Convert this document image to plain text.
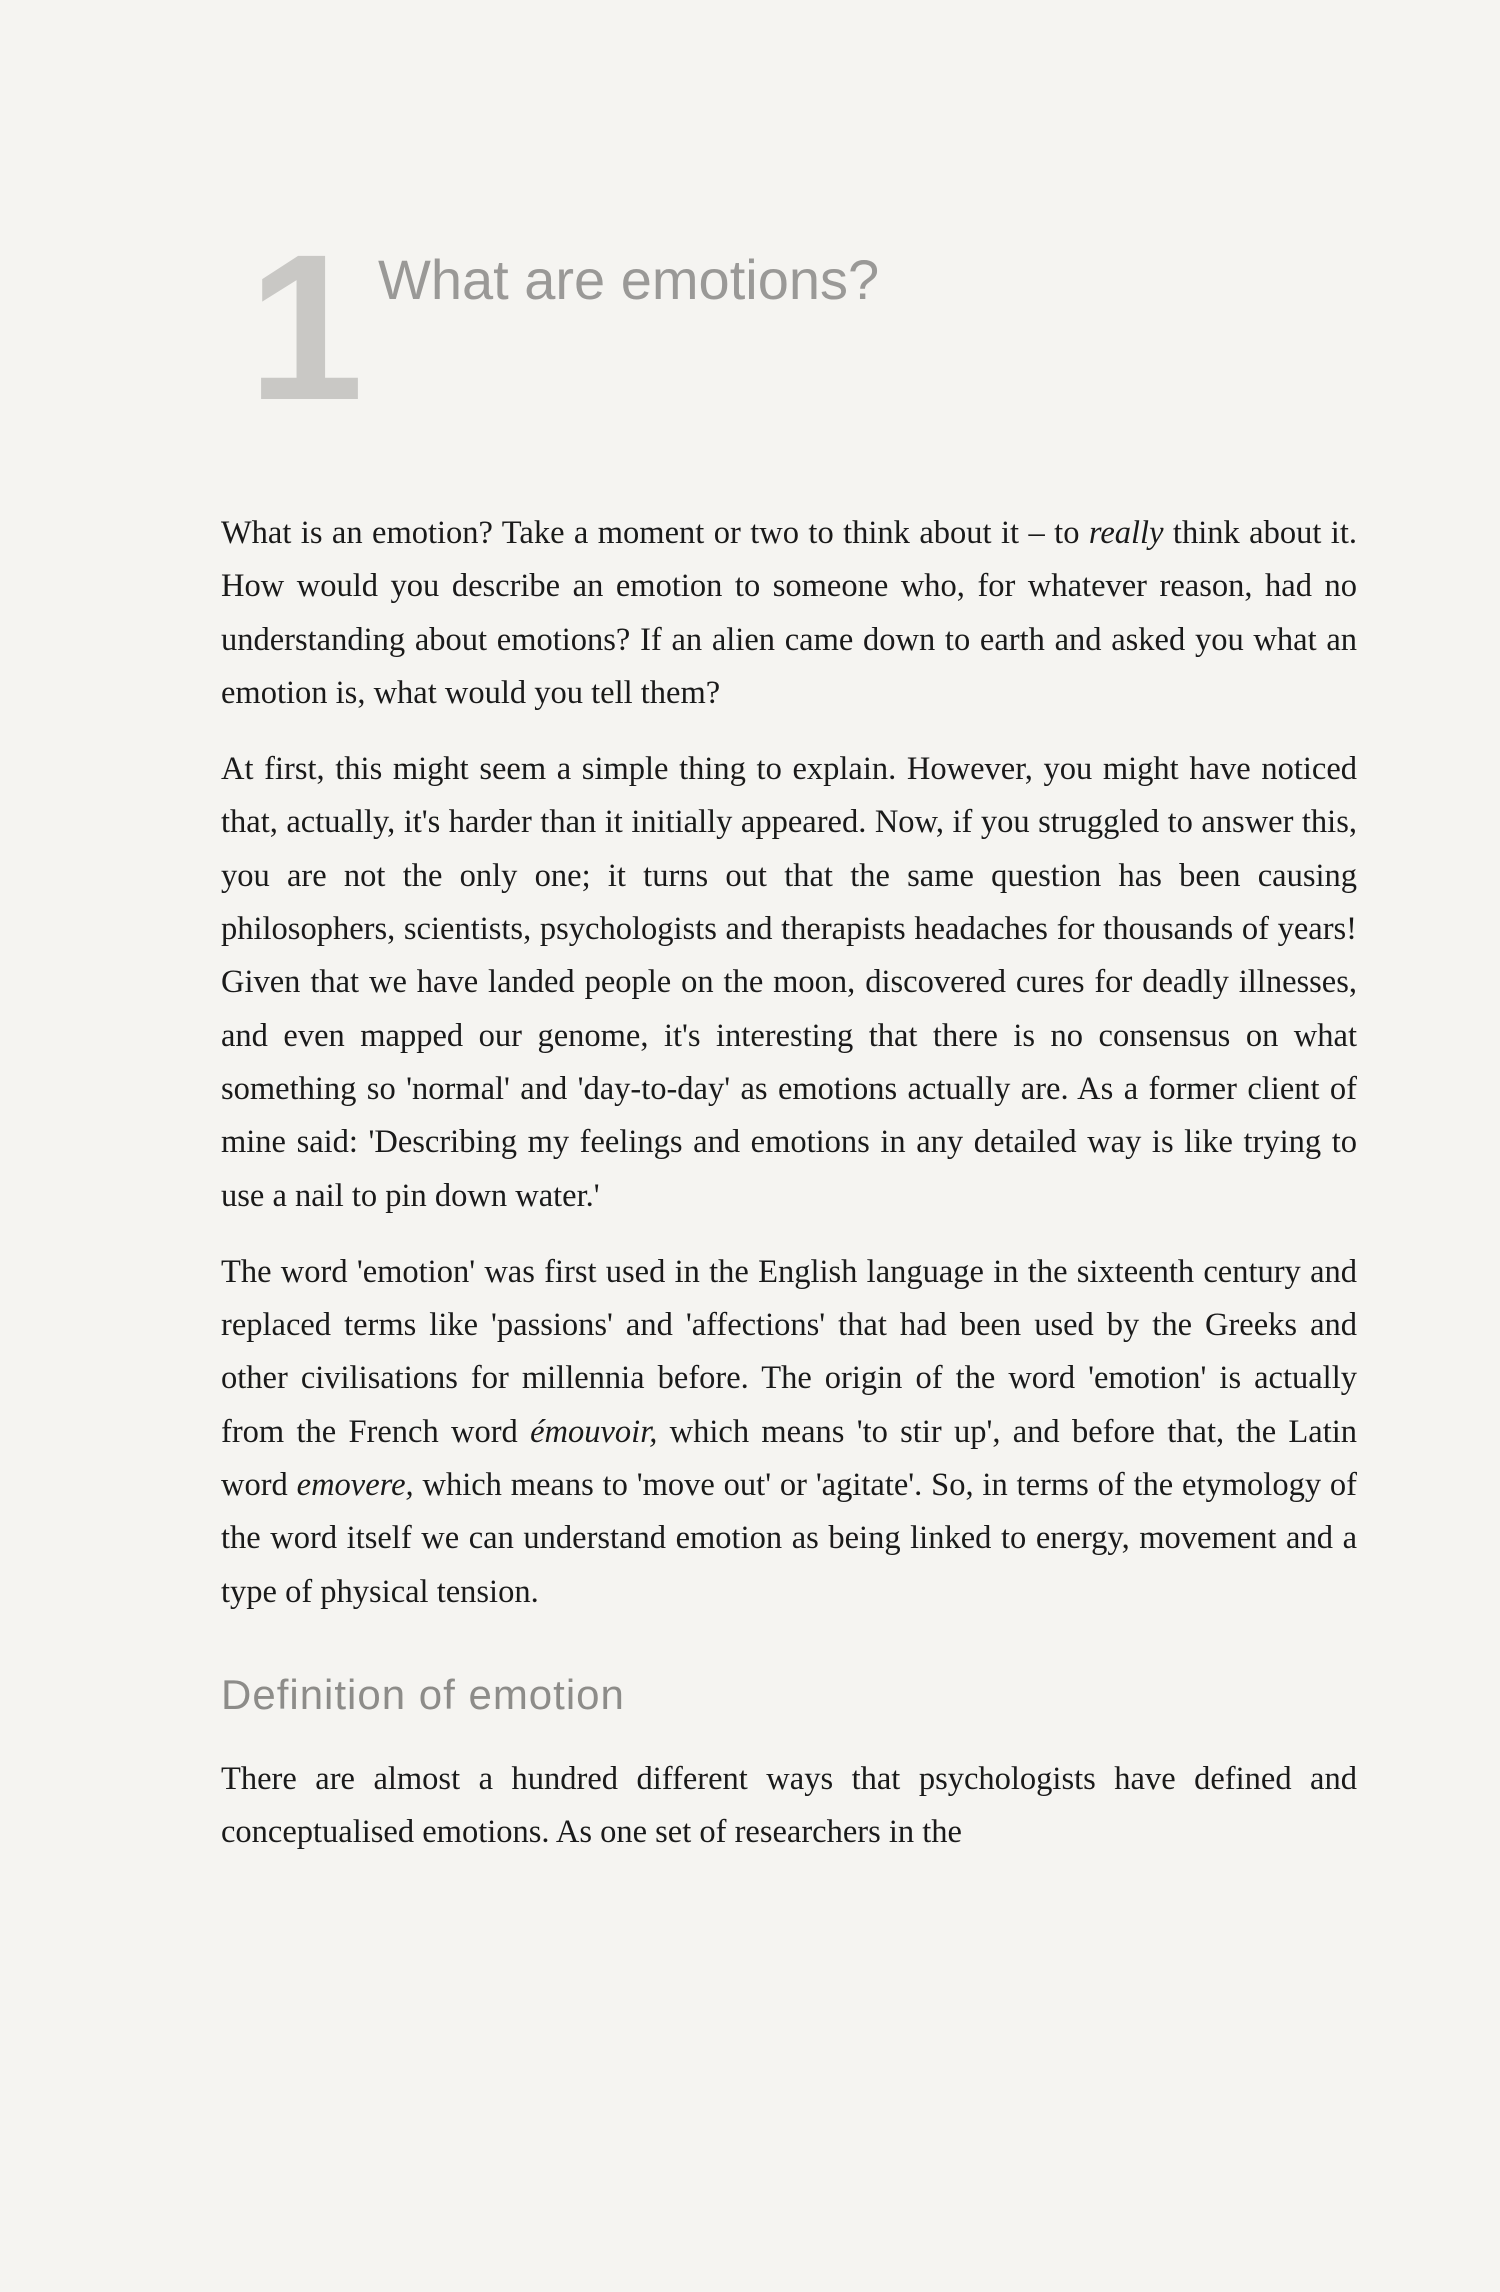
1 What are emotions?

What is an emotion? Take a moment or two to think about it – to really think about it. How would you describe an emotion to someone who, for whatever reason, had no understanding about emotions? If an alien came down to earth and asked you what an emotion is, what would you tell them?

At first, this might seem a simple thing to explain. However, you might have noticed that, actually, it's harder than it initially appeared. Now, if you struggled to answer this, you are not the only one; it turns out that the same question has been causing philosophers, scientists, psychologists and therapists headaches for thousands of years! Given that we have landed people on the moon, discovered cures for deadly illnesses, and even mapped our genome, it's interesting that there is no consensus on what something so 'normal' and 'day-to-day' as emotions actually are. As a former client of mine said: 'Describing my feelings and emotions in any detailed way is like trying to use a nail to pin down water.'

The word 'emotion' was first used in the English language in the sixteenth century and replaced terms like 'passions' and 'affections' that had been used by the Greeks and other civilisations for millennia before. The origin of the word 'emotion' is actually from the French word émouvoir, which means 'to stir up', and before that, the Latin word emovere, which means to 'move out' or 'agitate'. So, in terms of the etymology of the word itself we can understand emotion as being linked to energy, movement and a type of physical tension.

Definition of emotion

There are almost a hundred different ways that psychologists have defined and conceptualised emotions. As one set of researchers in the
